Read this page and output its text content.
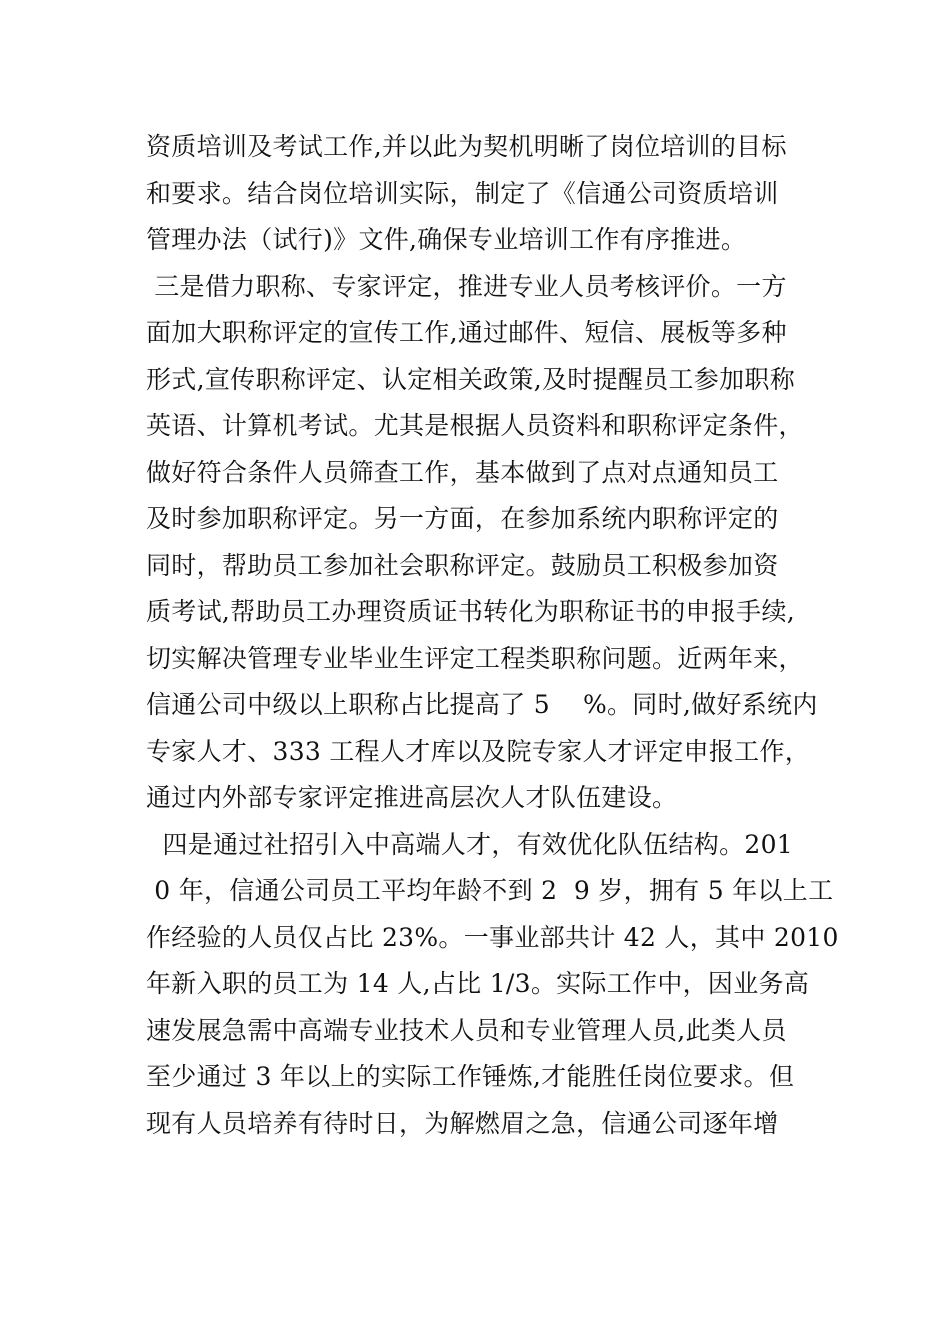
资质培训及考试工作,并以此为契机明晰了岗位培训的目标
和要求。结合岗位培训实际，制定了《信通公司资质培训
管理办法（试行)》文件,确保专业培训工作有序推进。
三是借力职称、专家评定，推进专业人员考核评价。一方
面加大职称评定的宣传工作,通过邮件、短信、展板等多种
形式,宣传职称评定、认定相关政策,及时提醒员工参加职称
英语、计算机考试。尤其是根据人员资料和职称评定条件，
做好符合条件人员筛查工作，基本做到了点对点通知员工
及时参加职称评定。另一方面，在参加系统内职称评定的
同时，帮助员工参加社会职称评定。鼓励员工积极参加资
质考试,帮助员工办理资质证书转化为职称证书的申报手续,
切实解决管理专业毕业生评定工程类职称问题。近两年来，
信通公司中级以上职称占比提高了 5    %。同时,做好系统内
专家人才、333 工程人才库以及院专家人才评定申报工作，
通过内外部专家评定推进高层次人才队伍建设。
四是通过社招引入中高端人才，有效优化队伍结构。201
0 年，信通公司员工平均年龄不到 2  9 岁，拥有 5 年以上工
作经验的人员仅占比 23%。一事业部共计 42 人，其中 2010
年新入职的员工为 14 人,占比 1/3。实际工作中，因业务高
速发展急需中高端专业技术人员和专业管理人员,此类人员
至少通过 3 年以上的实际工作锤炼,才能胜任岗位要求。但
现有人员培养有待时日，为解燃眉之急，信通公司逐年增
